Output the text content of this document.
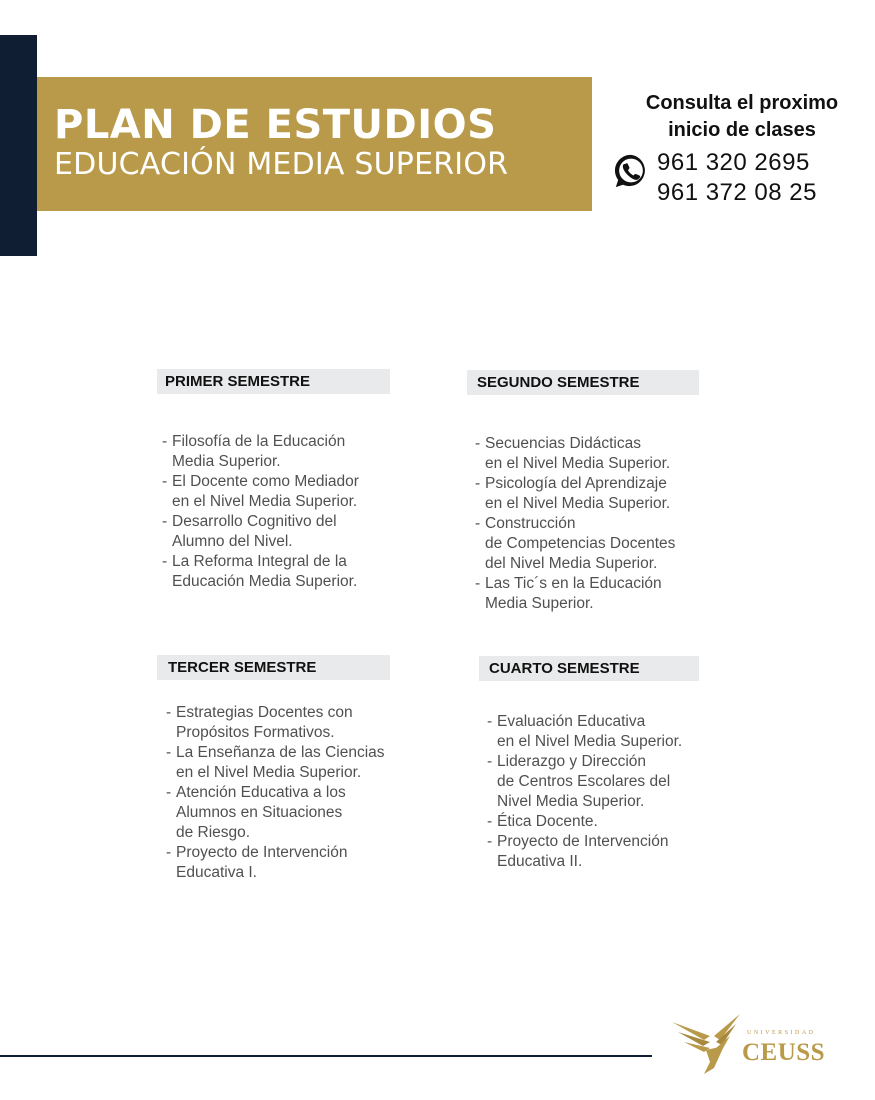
PLAN DE ESTUDIOS
EDUCACIÓN MEDIA SUPERIOR
Consulta el proximo
inicio de clases
961 320 2695
961 372 08 25
PRIMER SEMESTRE
- Filosofía de la Educación
Media Superior.
- El Docente como Mediador
en el Nivel Media Superior.
- Desarrollo Cognitivo del
Alumno del Nivel.
- La Reforma Integral de la
Educación Media Superior.
SEGUNDO SEMESTRE
- Secuencias Didácticas
en el Nivel Media Superior.
- Psicología del Aprendizaje
en el Nivel Media Superior.
- Construcción
de Competencias Docentes
del Nivel Media Superior.
- Las Tic´s en la Educación
Media Superior.
TERCER SEMESTRE
- Estrategias Docentes con
Propósitos Formativos.
- La Enseñanza de las Ciencias
en el Nivel Media Superior.
- Atención Educativa a los
Alumnos en Situaciones
de Riesgo.
- Proyecto de Intervención
Educativa I.
CUARTO SEMESTRE
- Evaluación Educativa
en el Nivel Media Superior.
- Liderazgo y Dirección
de Centros Escolares del
Nivel Media Superior.
- Ética Docente.
- Proyecto de Intervención
Educativa II.
UNIVERSIDAD
CEUSS
